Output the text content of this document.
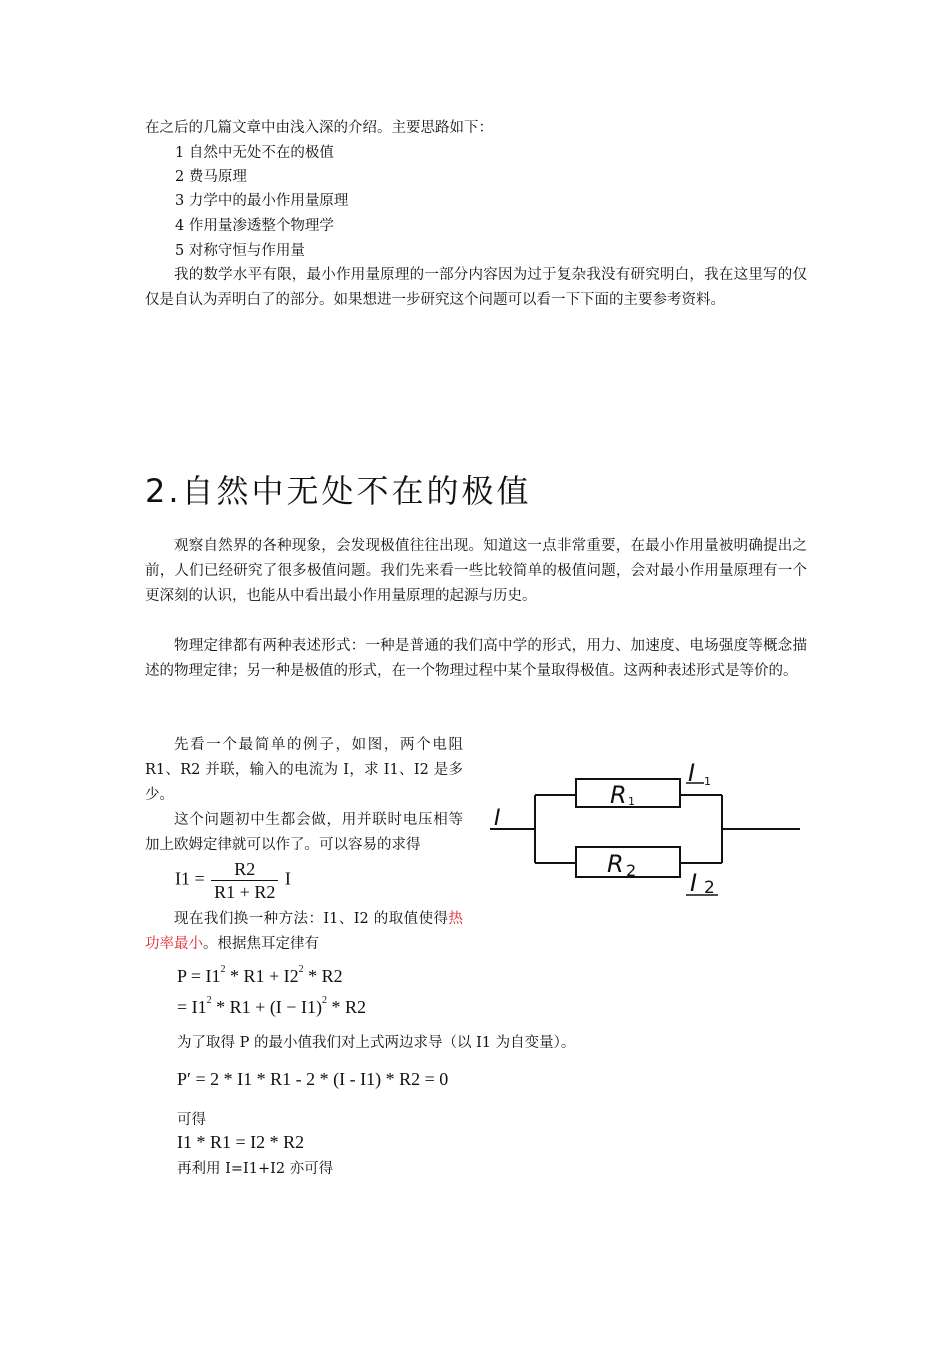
在之后的几篇文章中由浅入深的介绍。主要思路如下：
1 自然中无处不在的极值
2 费马原理
3 力学中的最小作用量原理
4 作用量渗透整个物理学
5 对称守恒与作用量
我的数学水平有限，最小作用量原理的一部分内容因为过于复杂我没有研究明白，我在这里写的仅仅是自认为弄明白了的部分。如果想进一步研究这个问题可以看一下下面的主要参考资料。
2.自然中无处不在的极值
观察自然界的各种现象，会发现极值往往出现。知道这一点非常重要，在最小作用量被明确提出之前，人们已经研究了很多极值问题。我们先来看一些比较简单的极值问题，会对最小作用量原理有一个更深刻的认识，也能从中看出最小作用量原理的起源与历史。
物理定律都有两种表述形式：一种是普通的我们高中学的形式，用力、加速度、电场强度等概念描述的物理定律；另一种是极值的形式，在一个物理过程中某个量取得极值。这两种表述形式是等价的。
先看一个最简单的例子，如图，两个电阻R1、R2 并联，输入的电流为 I，求 I1、I2 是多少。
这个问题初中生都会做，用并联时电压相等加上欧姆定律就可以作了。可以容易的求得
$I1 = \frac{R2}{R1 + R2}$ I
现在我们换一种方法：I1、I2 的取值使得热功率最小。根据焦耳定律有
$P = I1^2 * R1 + I2^2 * R2$
= $I1^2 * R1 + (I - I1)^2 * R2$
为了取得 P 的最小值我们对上式两边求导（以 I1 为自变量）。
P′ = 2 * I1 * R1 - 2 * (I - I1) * R2 = 0
可得
I1 * R1 = I2 * R2
再利用 I=I1+I2 亦可得
R 1
R 2
I
I 1
I 2
